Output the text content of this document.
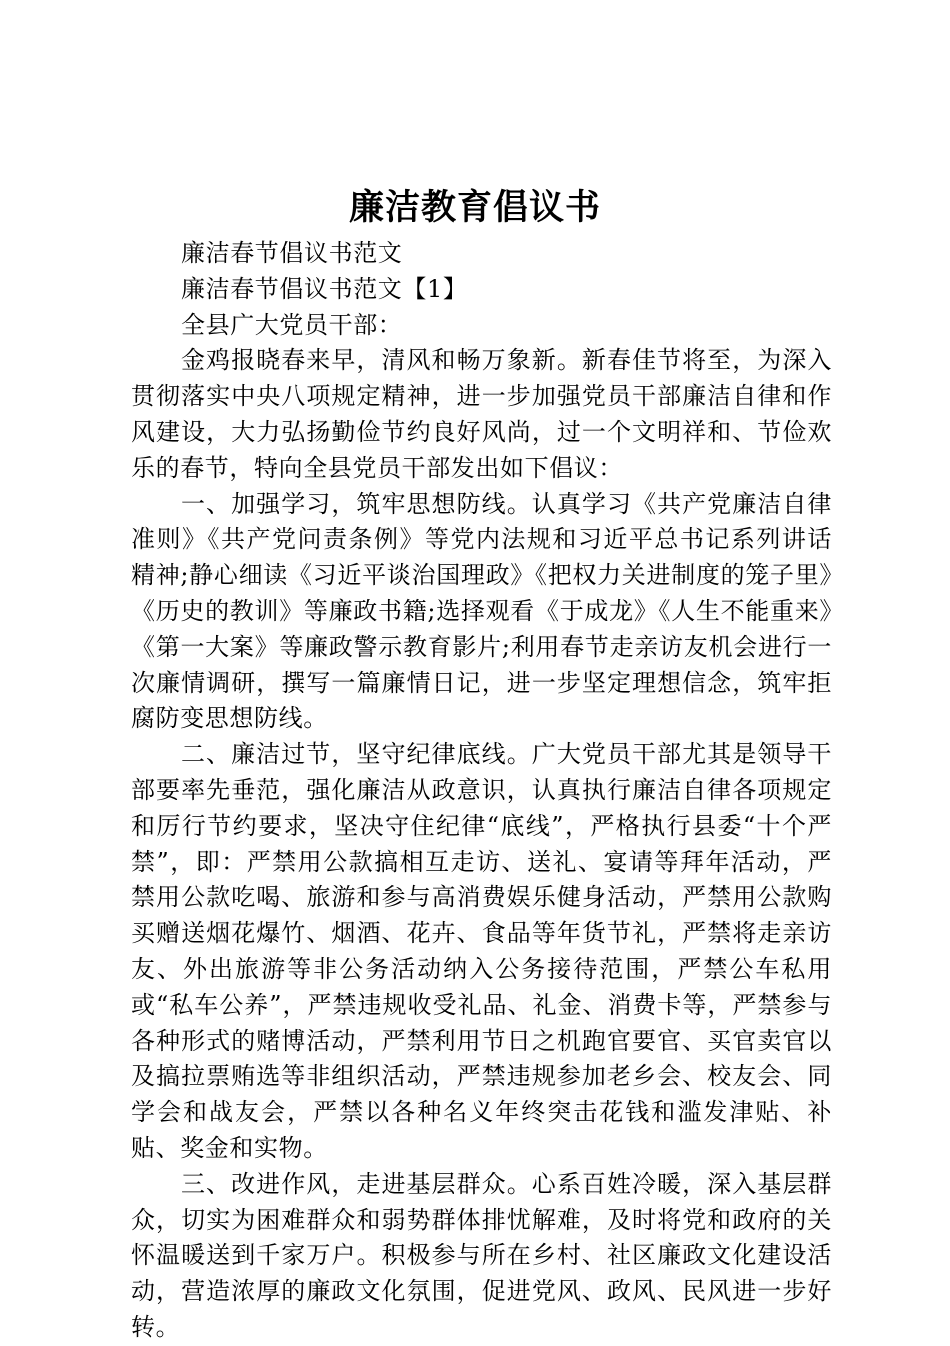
廉洁教育倡议书

廉洁春节倡议书范文

廉洁春节倡议书范文【1】

全县广大党员干部：

金鸡报晓春来早，清风和畅万象新。新春佳节将至，为深入贯彻落实中央八项规定精神，进一步加强党员干部廉洁自律和作风建设，大力弘扬勤俭节约良好风尚，过一个文明祥和、节俭欢乐的春节，特向全县党员干部发出如下倡议：

一、加强学习，筑牢思想防线。认真学习《共产党廉洁自律准则》《共产党问责条例》等党内法规和习近平总书记系列讲话精神;静心细读《习近平谈治国理政》《把权力关进制度的笼子里》《历史的教训》等廉政书籍;选择观看《于成龙》《人生不能重来》《第一大案》等廉政警示教育影片;利用春节走亲访友机会进行一次廉情调研，撰写一篇廉情日记，进一步坚定理想信念，筑牢拒腐防变思想防线。

二、廉洁过节，坚守纪律底线。广大党员干部尤其是领导干部要率先垂范，强化廉洁从政意识，认真执行廉洁自律各项规定和厉行节约要求，坚决守住纪律“底线”，严格执行县委“十个严禁”，即：严禁用公款搞相互走访、送礼、宴请等拜年活动，严禁用公款吃喝、旅游和参与高消费娱乐健身活动，严禁用公款购买赠送烟花爆竹、烟酒、花卉、食品等年货节礼，严禁将走亲访友、外出旅游等非公务活动纳入公务接待范围，严禁公车私用或“私车公养”，严禁违规收受礼品、礼金、消费卡等，严禁参与各种形式的赌博活动，严禁利用节日之机跑官要官、买官卖官以及搞拉票贿选等非组织活动，严禁违规参加老乡会、校友会、同学会和战友会，严禁以各种名义年终突击花钱和滥发津贴、补贴、奖金和实物。

三、改进作风，走进基层群众。心系百姓冷暖，深入基层群众，切实为困难群众和弱势群体排忧解难，及时将党和政府的关怀温暖送到千家万户。积极参与所在乡村、社区廉政文化建设活动，营造浓厚的廉政文化氛围，促进党风、政风、民风进一步好转。
